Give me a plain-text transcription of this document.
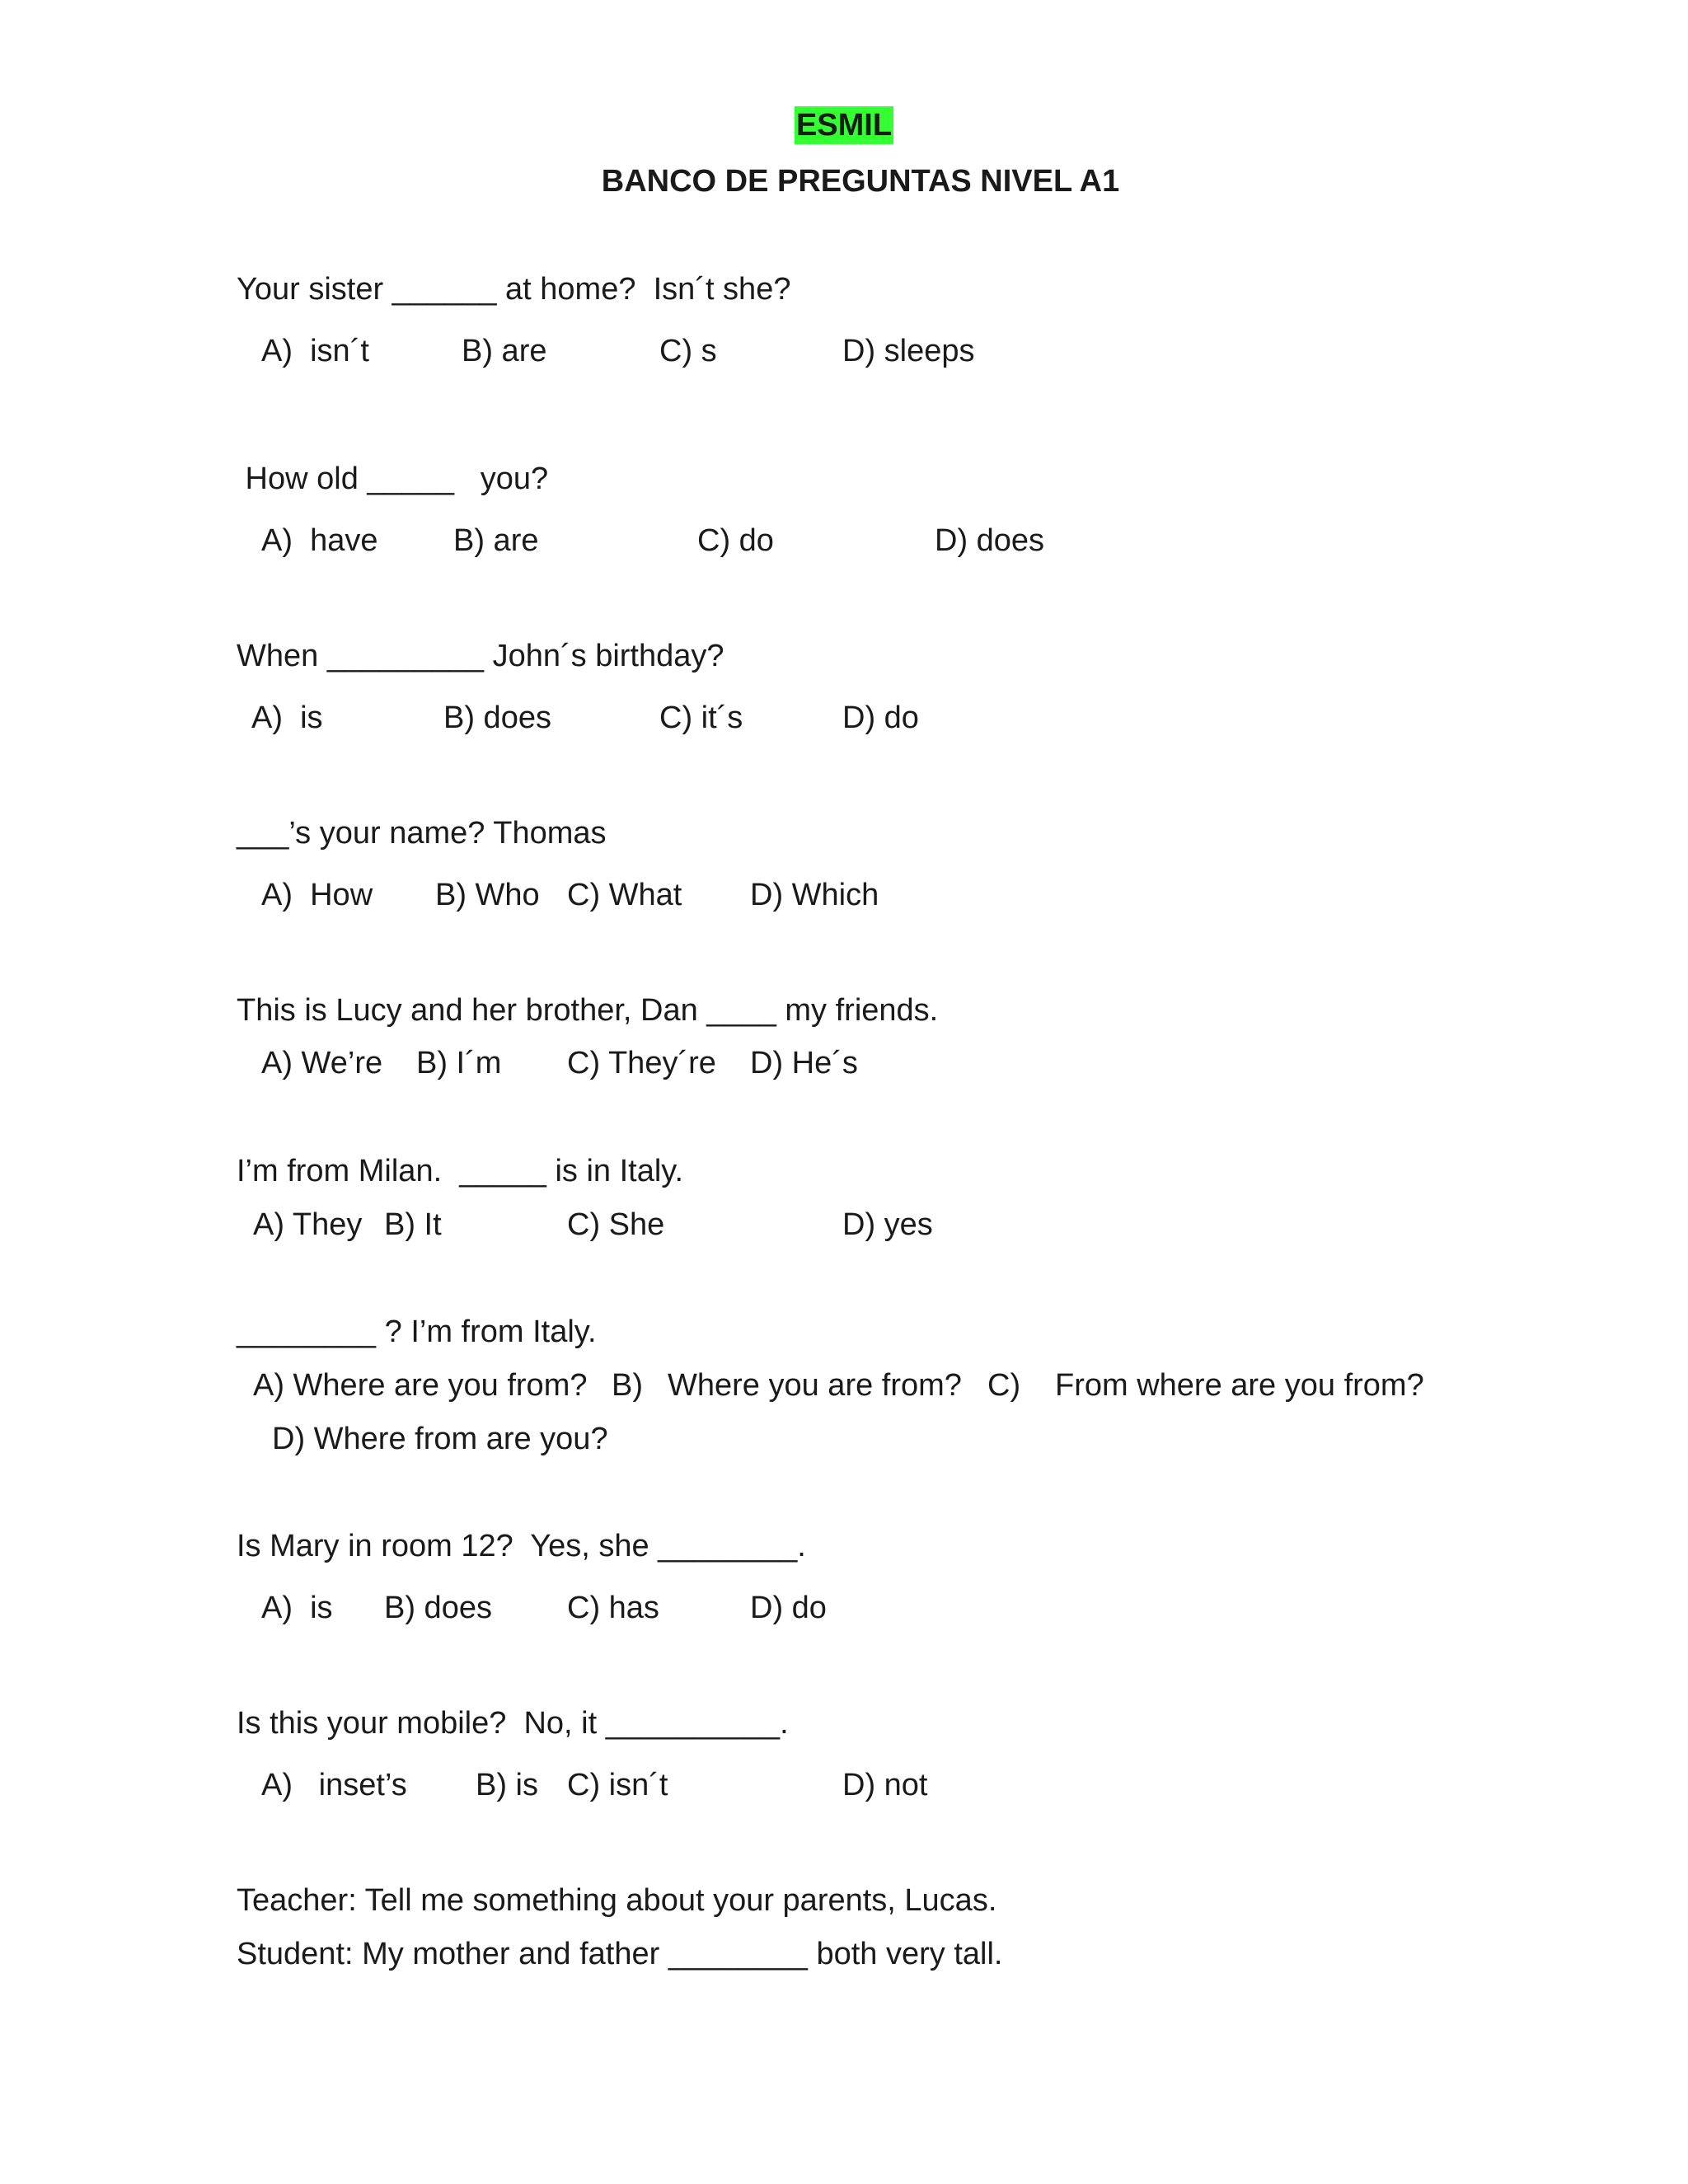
ESMIL
BANCO DE PREGUNTAS NIVEL A1
Your sister ______ at home?  Isn´t she?
A)  isn´t	B) are	C) s	D) sleeps
How old _____   you?
A)  have B) are	C) do	D) does
When _________ John´s birthday?
A)  is	B) does	C) it´s	D) do
___’s your name? Thomas
A)  How B) Who C) What D) Which
This is Lucy and her brother, Dan ____ my friends.
A) We’re B) I´m C) They´re D) He´s
I’m from Milan.  _____ is in Italy.
A) They B) It	C) She	D) yes
________ ? I’m from Italy.
A) Where are you from? B) Where you are from? C) From where are you from?
D) Where from are you?
Is Mary in room 12?  Yes, she ________.
A)  is B) does C) has	D) do
Is this your mobile?  No, it __________.
A)   inset’s B) is C) isn´t	D) not
Teacher: Tell me something about your parents, Lucas.
Student: My mother and father ________ both very tall.
